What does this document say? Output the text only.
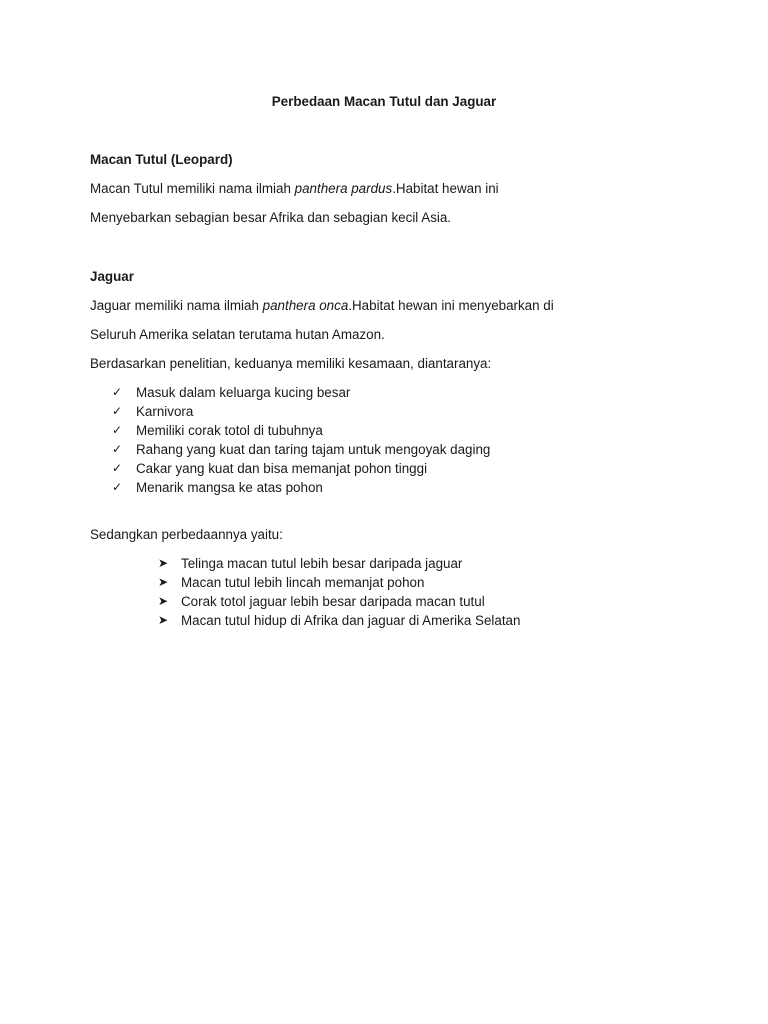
Perbedaan Macan Tutul dan Jaguar
Macan Tutul (Leopard)
Macan Tutul memiliki nama ilmiah panthera pardus.Habitat hewan ini
Menyebarkan sebagian besar Afrika dan sebagian kecil Asia.
Jaguar
Jaguar memiliki nama ilmiah panthera onca.Habitat hewan ini menyebarkan di
Seluruh Amerika selatan terutama hutan Amazon.
Berdasarkan penelitian, keduanya memiliki kesamaan, diantaranya:
✓	Masuk dalam keluarga kucing besar
✓	Karnivora
✓	Memiliki corak totol di tubuhnya
✓	Rahang yang kuat dan taring tajam untuk mengoyak daging
✓	Cakar yang kuat dan bisa memanjat pohon tinggi
✓	Menarik mangsa ke atas pohon
Sedangkan perbedaannya yaitu:
➤ Telinga macan tutul lebih besar daripada jaguar
➤ Macan tutul lebih lincah memanjat pohon
➤ Corak totol jaguar lebih besar daripada macan tutul
➤ Macan tutul hidup di Afrika dan jaguar di Amerika Selatan
